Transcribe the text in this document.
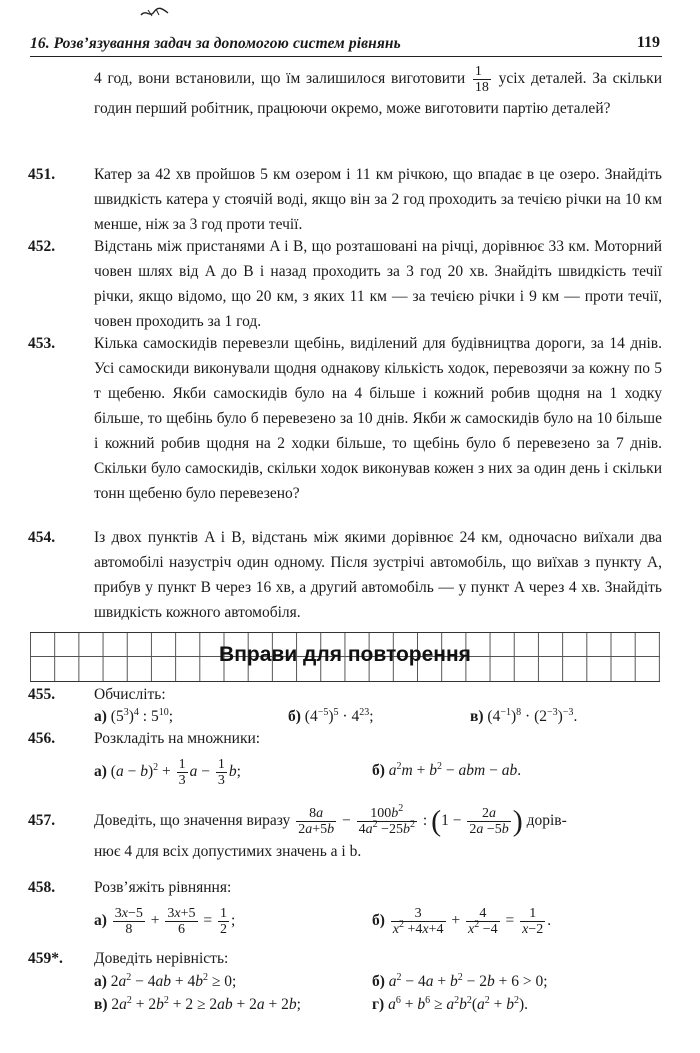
16. Розв’язування задач за допомогою систем рівнянь	119
4 год, вони встановили, що їм залишилося виготовити $\frac{1}{18}$ усіх деталей. За скільки годин перший робітник, працюючи окремо, може виготовити партію деталей?
451.	Катер за 42 хв пройшов 5 км озером і 11 км річкою, що впадає в це озеро. Знайдіть швидкість катера у стоячій воді, якщо він за 2 год проходить за течією річки на 10 км менше, ніж за 3 год проти течії.
452.	Відстань між пристанями A і B, що розташовані на річці, дорівнює 33 км. Моторний човен шлях від A до B і назад проходить за 3 год 20 хв. Знайдіть швидкість течії річки, якщо відомо, що 20 км, з яких 11 км — за течією річки і 9 км — проти течії, човен проходить за 1 год.
453.	Кілька самоскидів перевезли щебінь, виділений для будівництва дороги, за 14 днів. Усі самоскиди виконували щодня однакову кількість ходок, перевозячи за кожну по 5 т щебеню. Якби самоскидів було на 4 більше і кожний робив щодня на 1 ходку більше, то щебінь було б перевезено за 10 днів. Якби ж самоскидів було на 10 більше і кожний робив щодня на 2 ходки більше, то щебінь було б перевезено за 7 днів. Скільки було самоскидів, скільки ходок виконував кожен з них за один день і скільки тонн щебеню було перевезено?
454.	Із двох пунктів A і B, відстань між якими дорівнює 24 км, одночасно виїхали два автомобілі назустріч один одному. Після зустрічі автомобіль, що виїхав з пункту A, прибув у пункт B через 16 хв, а другий автомобіль — у пункт A через 4 хв. Знайдіть швидкість кожного автомобіля.
Вправи для повторення
455.	Обчисліть:
а) $(5^3)^4$ : $5^{10}$;	б) $(4^{-5})^5 \cdot 4^{23}$;	в) $(4^{-1})^8 \cdot (2^{-3})^{-3}$.
456.	Розкладіть на множники:
а) $(a - b)^2 + \frac{1}{3}$ $a - \frac{1}{3} b$;	б) $a^2m + b^2$ − abm − ab.
457.	Доведіть, що значення виразу $\frac{8a}{2a+5b} - \frac{100b^2}{4a^2 -25b^2}$ : ($1 - \frac{2a}{2a -5b}$ ) дорів-
нює 4 для всіх допустимих значень a і b.
458.	Розв’яжіть рівняння:
$а) \frac{3x-5}{8} + \frac{3x+5}{6} = \frac{1}{2}$ ;	$б) \frac{3}{x^2 +4x+4} + \frac{4}{x^2 -4} = \frac{1}{x-2}$ .
459*. Доведіть нерівність:
а) $2a^2 - 4ab + 4b^2 \ge 0$;	б) $a^2 - 4a + b^2 - 2b + 6 > 0$;
в) $2a^2 + 2b^2 + 2 \ge 2ab + 2a + 2b$;	г) $a^6 + b^6 \ge a^2b^2(a^2 + b^2)$.
